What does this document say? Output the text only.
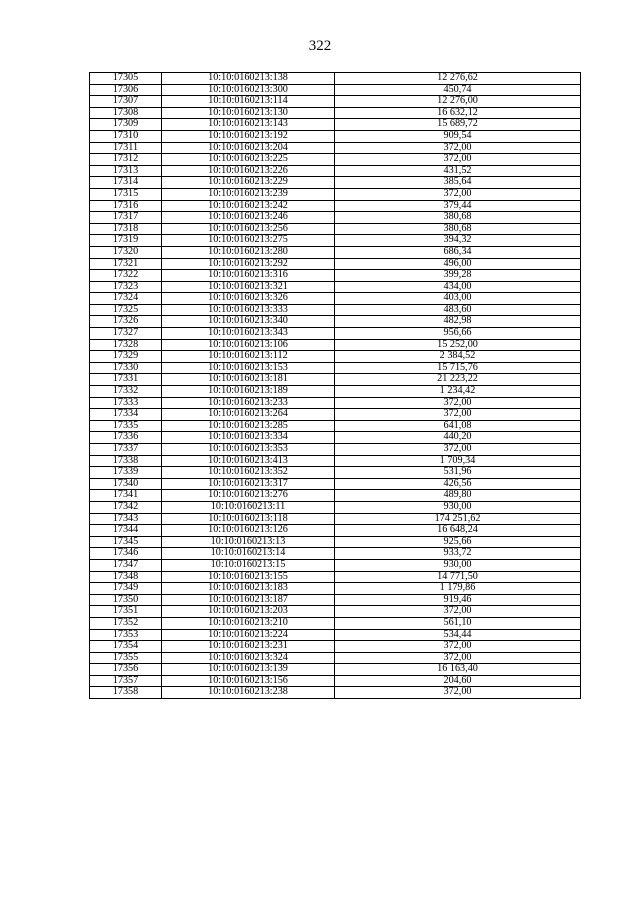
322
17305	10:10:0160213:138	12 276,62
17306	10:10:0160213:300	450,74
17307	10:10:0160213:114	12 276,00
17308	10:10:0160213:130	16 632,12
17309	10:10:0160213:143	15 689,72
17310	10:10:0160213:192	909,54
17311	10:10:0160213:204	372,00
17312	10:10:0160213:225	372,00
17313	10:10:0160213:226	431,52
17314	10:10:0160213:229	385,64
17315	10:10:0160213:239	372,00
17316	10:10:0160213:242	379,44
17317	10:10:0160213:246	380,68
17318	10:10:0160213:256	380,68
17319	10:10:0160213:275	394,32
17320	10:10:0160213:280	686,34
17321	10:10:0160213:292	496,00
17322	10:10:0160213:316	399,28
17323	10:10:0160213:321	434,00
17324	10:10:0160213:326	403,00
17325	10:10:0160213:333	483,60
17326	10:10:0160213:340	482,98
17327	10:10:0160213:343	956,66
17328	10:10:0160213:106	15 252,00
17329	10:10:0160213:112	2 384,52
17330	10:10:0160213:153	15 715,76
17331	10:10:0160213:181	21 223,22
17332	10:10:0160213:189	1 234,42
17333	10:10:0160213:233	372,00
17334	10:10:0160213:264	372,00
17335	10:10:0160213:285	641,08
17336	10:10:0160213:334	440,20
17337	10:10:0160213:353	372,00
17338	10:10:0160213:413	1 709,34
17339	10:10:0160213:352	531,96
17340	10:10:0160213:317	426,56
17341	10:10:0160213:276	489,80
17342	10:10:0160213:11	930,00
17343	10:10:0160213:118	174 251,62
17344	10:10:0160213:126	16 648,24
17345	10:10:0160213:13	925,66
17346	10:10:0160213:14	933,72
17347	10:10:0160213:15	930,00
17348	10:10:0160213:155	14 771,50
17349	10:10:0160213:183	1 179,86
17350	10:10:0160213:187	919,46
17351	10:10:0160213:203	372,00
17352	10:10:0160213:210	561,10
17353	10:10:0160213:224	534,44
17354	10:10:0160213:231	372,00
17355	10:10:0160213:324	372,00
17356	10:10:0160213:139	16 163,40
17357	10:10:0160213:156	204,60
17358	10:10:0160213:238	372,00
